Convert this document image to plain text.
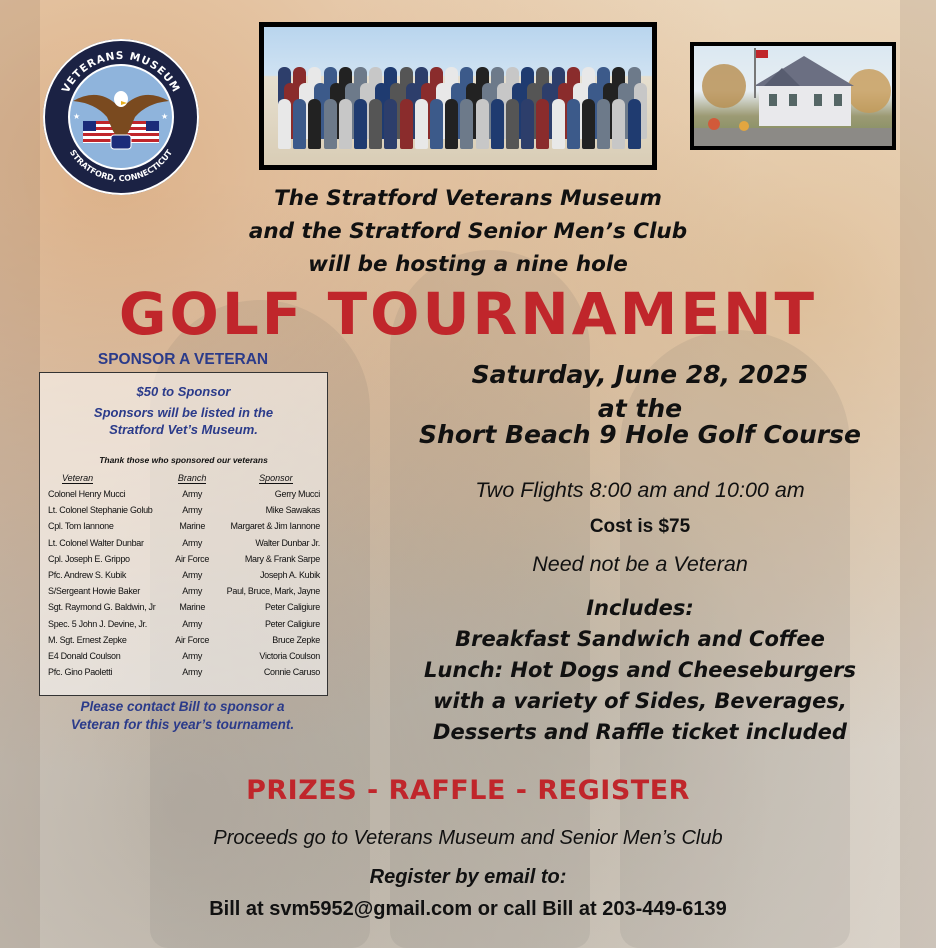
VETERANS MUSEUM
STRATFORD, CONNECTICUT
★	★
The Stratford Veterans Museum
and the Stratford Senior Men’s Club
will be hosting a nine hole
GOLF TOURNAMENT
SPONSOR A VETERAN
$50 to Sponsor
Sponsors will be listed in the
Stratford Vet’s Museum.
Thank those who sponsored our veterans
Veteran	Branch	Sponsor
Colonel Henry Mucci	Army	Gerry Mucci
Lt. Colonel Stephanie Golub	Army	Mike Sawakas
Cpl. Tom Iannone	Marine	Margaret & Jim Iannone
Lt. Colonel Walter Dunbar	Army	Walter Dunbar Jr.
Cpl. Joseph E. Grippo	Air Force	Mary & Frank Sarpe
Pfc. Andrew S. Kubik	Army	Joseph A. Kubik
S/Sergeant Howie Baker	Army	Paul, Bruce, Mark, Jayne
Sgt. Raymond G. Baldwin, Jr	Marine	Peter Caligiure
Spec. 5 John J. Devine, Jr.	Army	Peter Caligiure
M. Sgt. Ernest Zepke	Air Force	Bruce Zepke
E4 Donald Coulson	Army	Victoria Coulson
Pfc. Gino Paoletti	Army	Connie Caruso
Please contact Bill to sponsor a
Veteran for this year’s tournament.
Saturday, June 28, 2025
at the
Short Beach 9 Hole Golf Course
Two Flights 8:00 am and 10:00 am
Cost is $75
Need not be a Veteran
Includes:
Breakfast Sandwich and Coffee
Lunch: Hot Dogs and Cheeseburgers
with a variety of Sides, Beverages,
Desserts and Raffle ticket included
PRIZES - RAFFLE - REGISTER
Proceeds go to Veterans Museum and Senior Men’s Club
Register by email to:
Bill at svm5952@gmail.com or call Bill at 203-449-6139
